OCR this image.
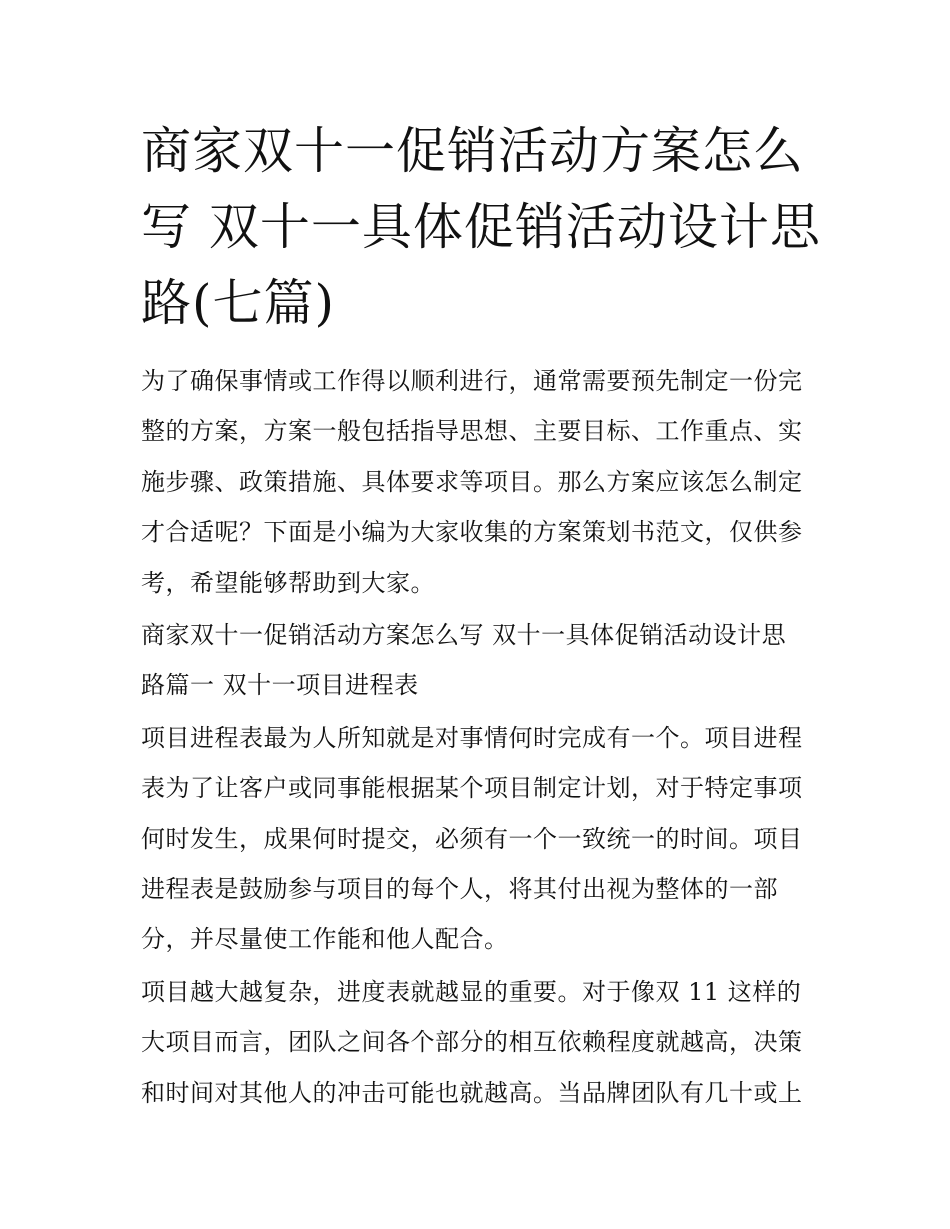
商家双十一促销活动方案怎么
写 双十一具体促销活动设计思
路(七篇)

为了确保事情或工作得以顺利进行，通常需要预先制定一份完
整的方案，方案一般包括指导思想、主要目标、工作重点、实
施步骤、政策措施、具体要求等项目。那么方案应该怎么制定
才合适呢？下面是小编为大家收集的方案策划书范文，仅供参
考，希望能够帮助到大家。

商家双十一促销活动方案怎么写 双十一具体促销活动设计思
路篇一 双十一项目进程表

项目进程表最为人所知就是对事情何时完成有一个。项目进程
表为了让客户或同事能根据某个项目制定计划，对于特定事项
何时发生，成果何时提交，必须有一个一致统一的时间。项目
进程表是鼓励参与项目的每个人，将其付出视为整体的一部
分，并尽量使工作能和他人配合。

项目越大越复杂，进度表就越显的重要。对于像双 11 这样的
大项目而言，团队之间各个部分的相互依赖程度就越高，决策
和时间对其他人的冲击可能也就越高。当品牌团队有几十或上
